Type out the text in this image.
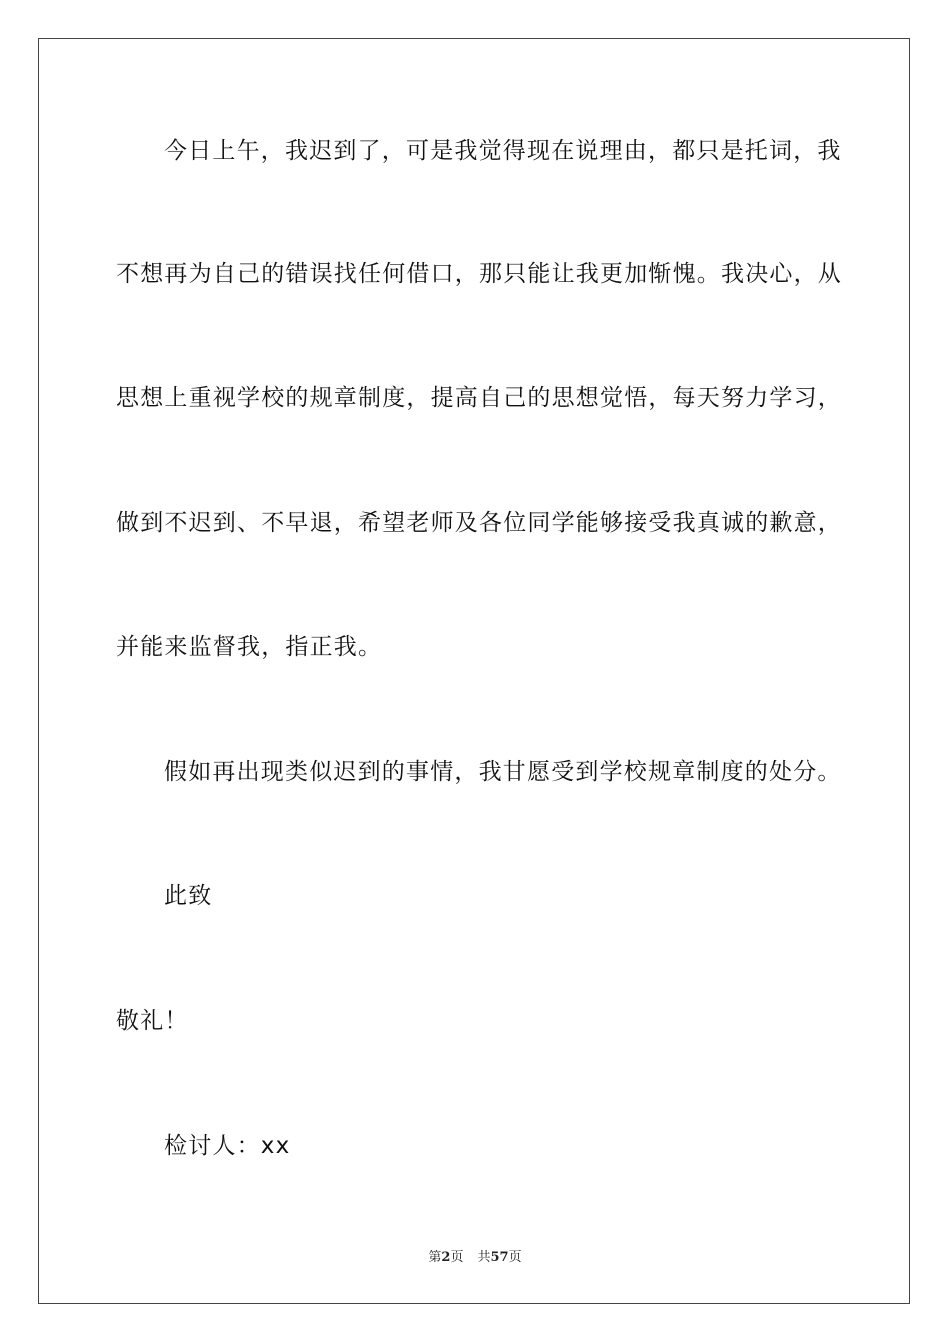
今日上午，我迟到了，可是我觉得现在说理由，都只是托词，我
不想再为自己的错误找任何借口，那只能让我更加惭愧。我决心，从
思想上重视学校的规章制度，提高自己的思想觉悟，每天努力学习，
做到不迟到、不早退，希望老师及各位同学能够接受我真诚的歉意，
并能来监督我，指正我。
假如再出现类似迟到的事情，我甘愿受到学校规章制度的处分。
此致
敬礼！
检讨人：xx
第2页 共57页
